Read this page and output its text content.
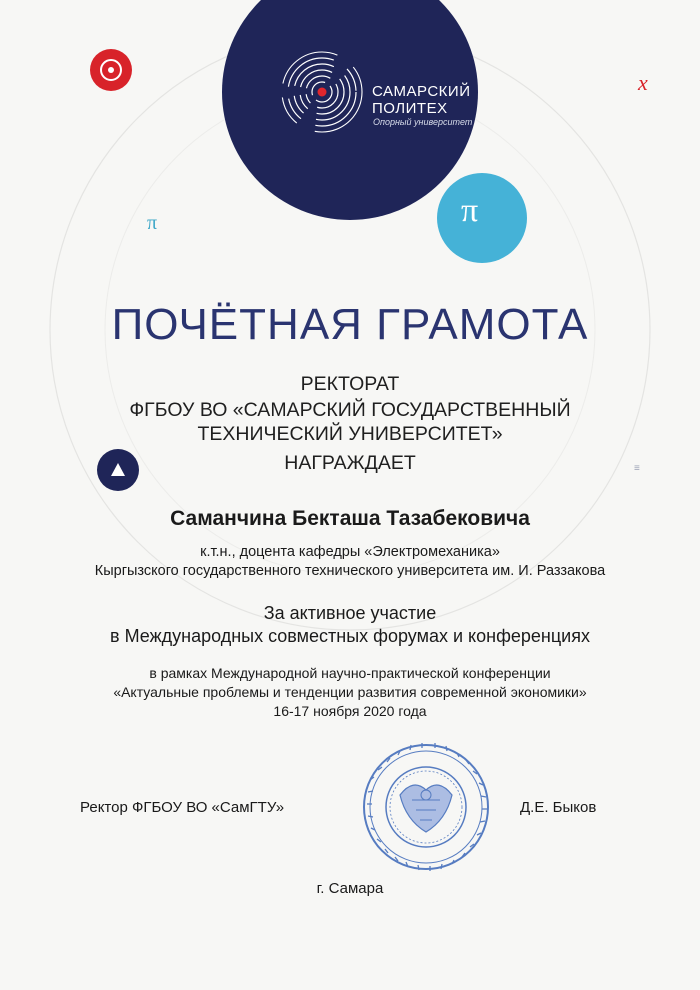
САМАРСКИЙ
ПОЛИТЕХ
Опорный университет
π	π
x
≡
ПОЧЁТНАЯ ГРАМОТА
РЕКТОРАТ
ФГБОУ ВО «САМАРСКИЙ ГОСУДАРСТВЕННЫЙ
ТЕХНИЧЕСКИЙ УНИВЕРСИТЕТ»
НАГРАЖДАЕТ
Саманчина Бекташа Тазабековича
к.т.н., доцента кафедры «Электромеханика»
Кыргызского государственного технического университета им. И. Раззакова
За активное участие
в Международных совместных форумах и конференциях
в рамках Международной научно-практической конференции
«Актуальные проблемы и тенденции развития современной экономики»
16-17 ноября 2020 года
Ректор ФГБОУ ВО «СамГТУ»	Д.Е. Быков
г. Самара
